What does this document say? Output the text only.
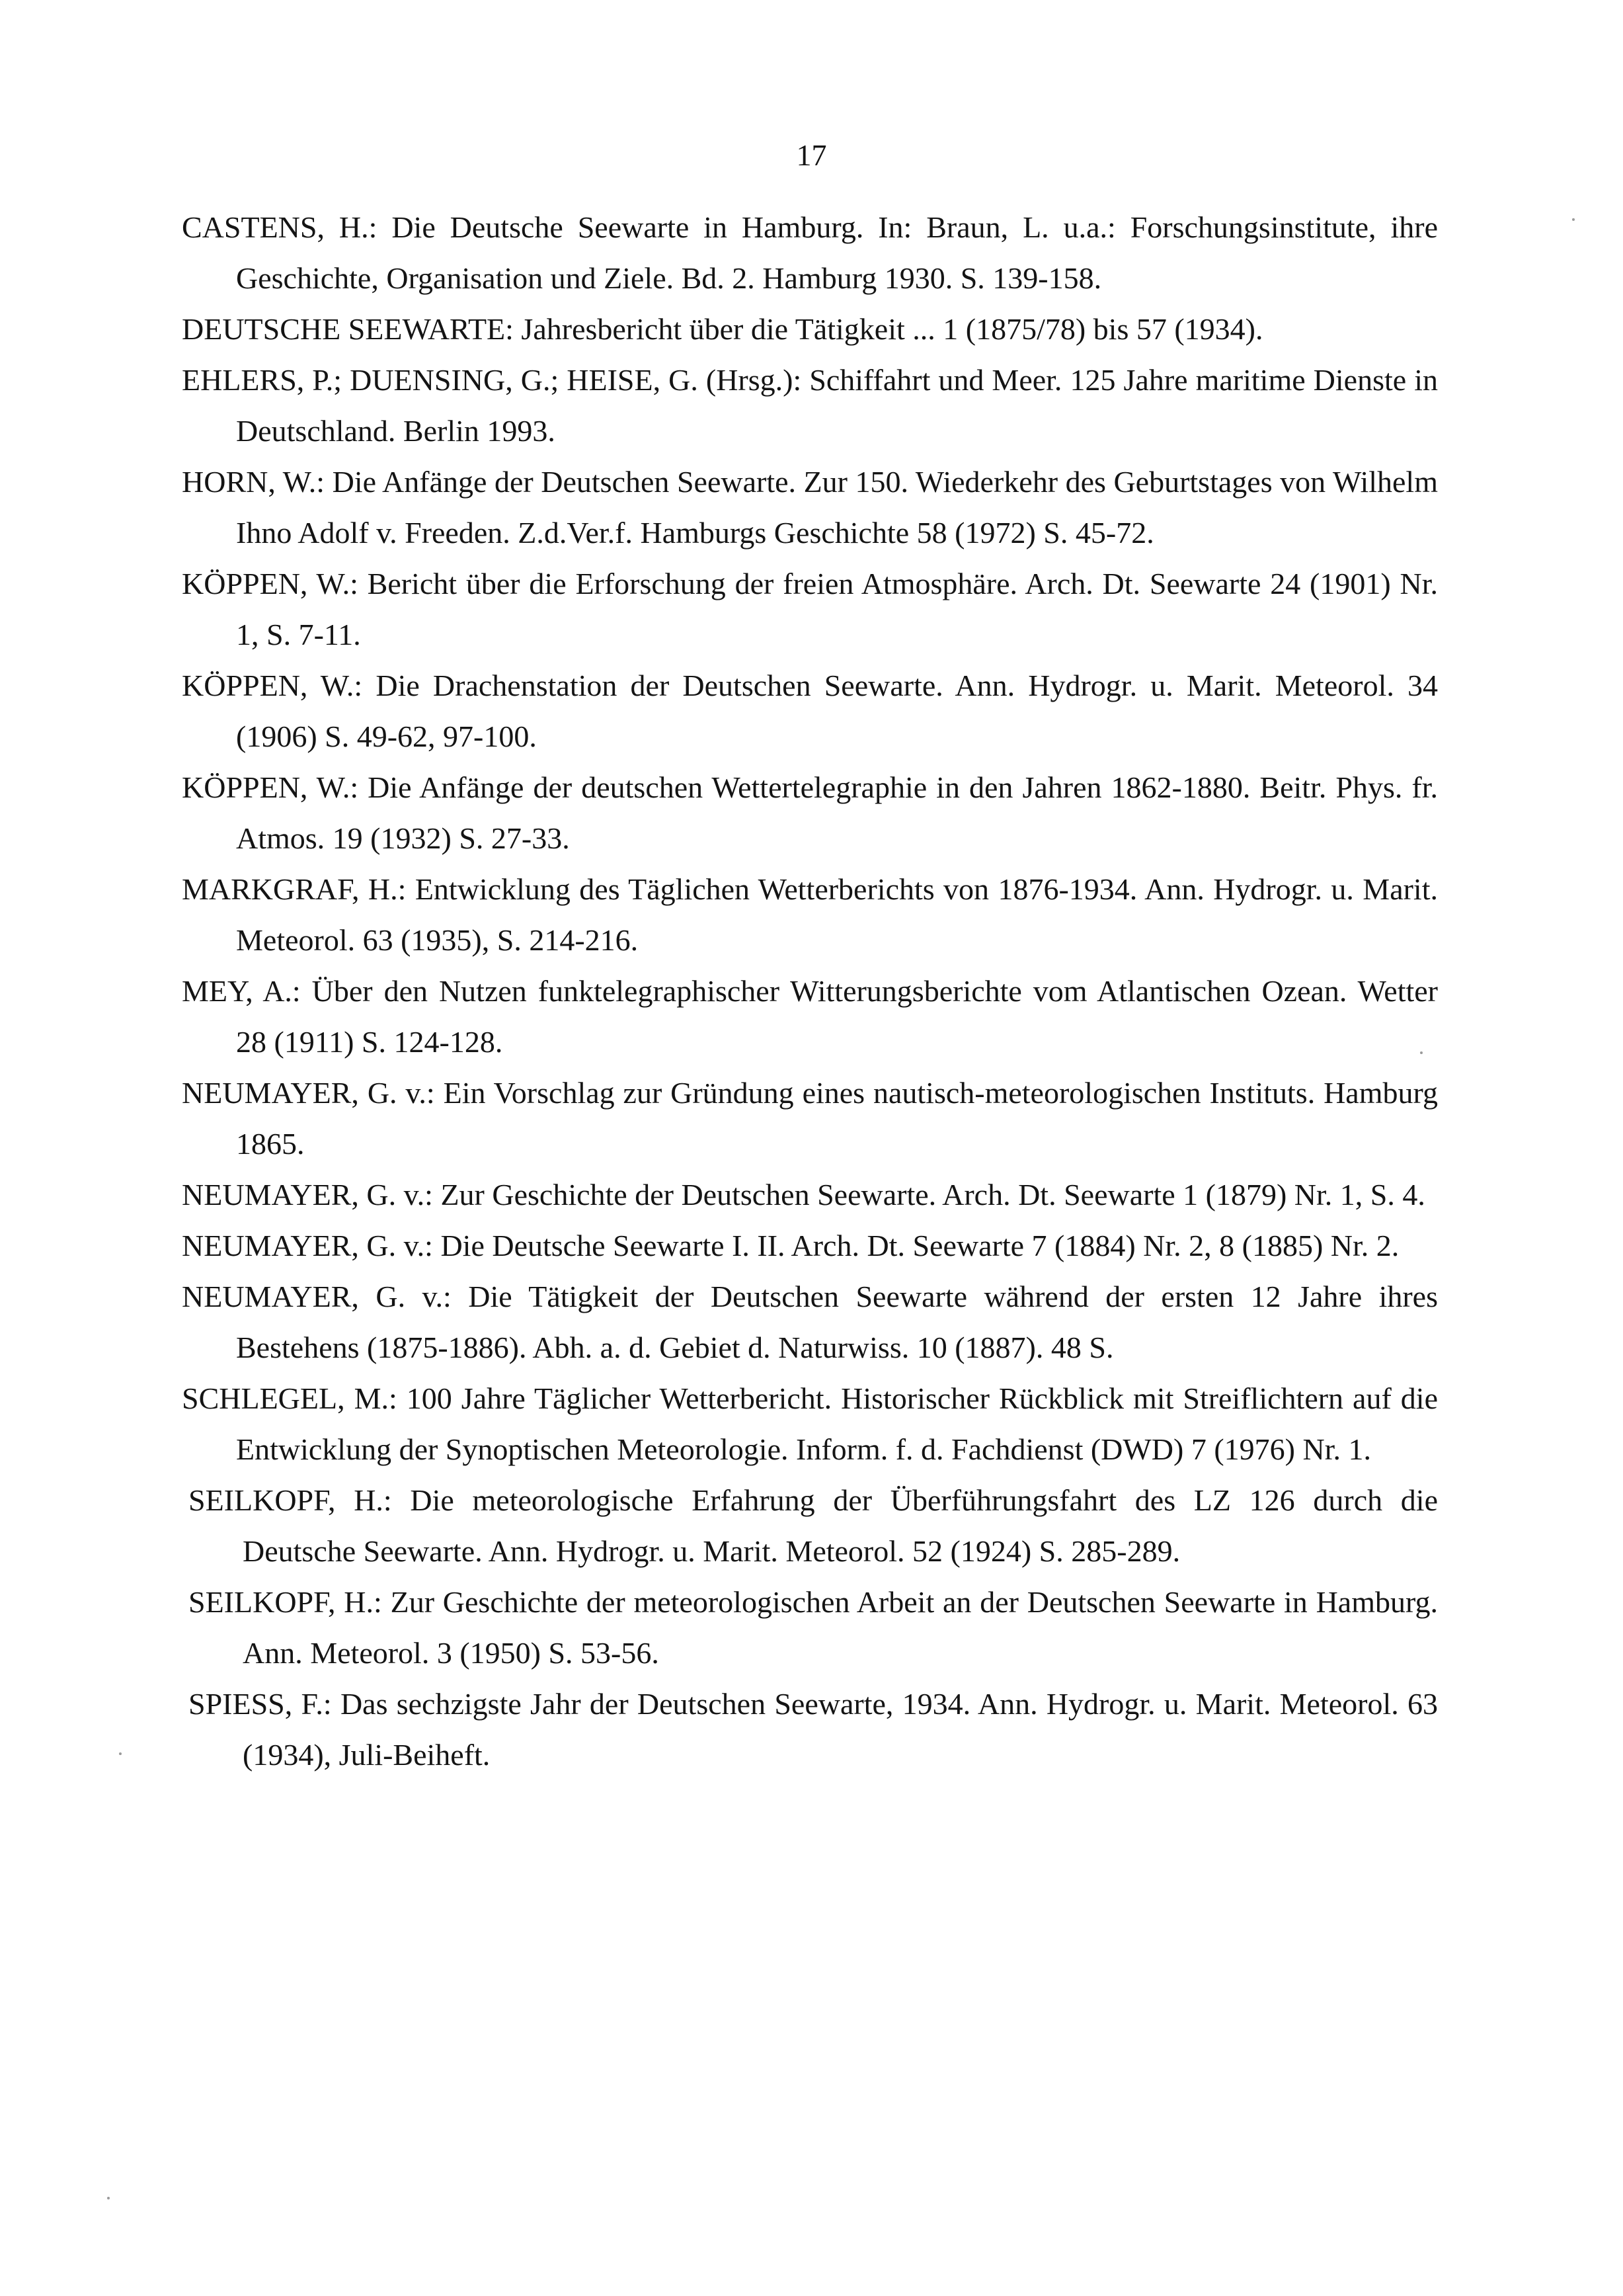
17

CASTENS, H.: Die Deutsche Seewarte in Hamburg. In: Braun, L. u.a.: Forschungsinstitute, ihre Geschichte, Organisation und Ziele. Bd. 2. Hamburg 1930. S. 139-158.

DEUTSCHE SEEWARTE: Jahresbericht über die Tätigkeit ... 1 (1875/78) bis 57 (1934).

EHLERS, P.; DUENSING, G.; HEISE, G. (Hrsg.): Schiffahrt und Meer. 125 Jahre maritime Dienste in Deutschland. Berlin 1993.

HORN, W.: Die Anfänge der Deutschen Seewarte. Zur 150. Wiederkehr des Geburtstages von Wilhelm Ihno Adolf v. Freeden. Z.d.Ver.f. Hamburgs Geschichte 58 (1972) S. 45-72.

KÖPPEN, W.: Bericht über die Erforschung der freien Atmosphäre. Arch. Dt. Seewarte 24 (1901) Nr. 1, S. 7-11.

KÖPPEN, W.: Die Drachenstation der Deutschen Seewarte. Ann. Hydrogr. u. Marit. Meteorol. 34 (1906) S. 49-62, 97-100.

KÖPPEN, W.: Die Anfänge der deutschen Wettertelegraphie in den Jahren 1862-1880. Beitr. Phys. fr. Atmos. 19 (1932) S. 27-33.

MARKGRAF, H.: Entwicklung des Täglichen Wetterberichts von 1876-1934. Ann. Hydrogr. u. Marit. Meteorol. 63 (1935), S. 214-216.

MEY, A.: Über den Nutzen funktelegraphischer Witterungsberichte vom Atlantischen Ozean. Wetter 28 (1911) S. 124-128.

NEUMAYER, G. v.: Ein Vorschlag zur Gründung eines nautisch-meteorologischen Instituts. Hamburg 1865.

NEUMAYER, G. v.: Zur Geschichte der Deutschen Seewarte. Arch. Dt. Seewarte 1 (1879) Nr. 1, S. 4.

NEUMAYER, G. v.: Die Deutsche Seewarte I. II. Arch. Dt. Seewarte 7 (1884) Nr. 2, 8 (1885) Nr. 2.

NEUMAYER, G. v.: Die Tätigkeit der Deutschen Seewarte während der ersten 12 Jahre ihres Bestehens (1875-1886). Abh. a. d. Gebiet d. Naturwiss. 10 (1887). 48 S.

SCHLEGEL, M.: 100 Jahre Täglicher Wetterbericht. Historischer Rückblick mit Streiflichtern auf die Entwicklung der Synoptischen Meteorologie. Inform. f. d. Fachdienst (DWD) 7 (1976) Nr. 1.

SEILKOPF, H.: Die meteorologische Erfahrung der Überführungsfahrt des LZ 126 durch die Deutsche Seewarte. Ann. Hydrogr. u. Marit. Meteorol. 52 (1924) S. 285-289.

SEILKOPF, H.: Zur Geschichte der meteorologischen Arbeit an der Deutschen Seewarte in Hamburg. Ann. Meteorol. 3 (1950) S. 53-56.

SPIESS, F.: Das sechzigste Jahr der Deutschen Seewarte, 1934. Ann. Hydrogr. u. Marit. Meteorol. 63 (1934), Juli-Beiheft.
